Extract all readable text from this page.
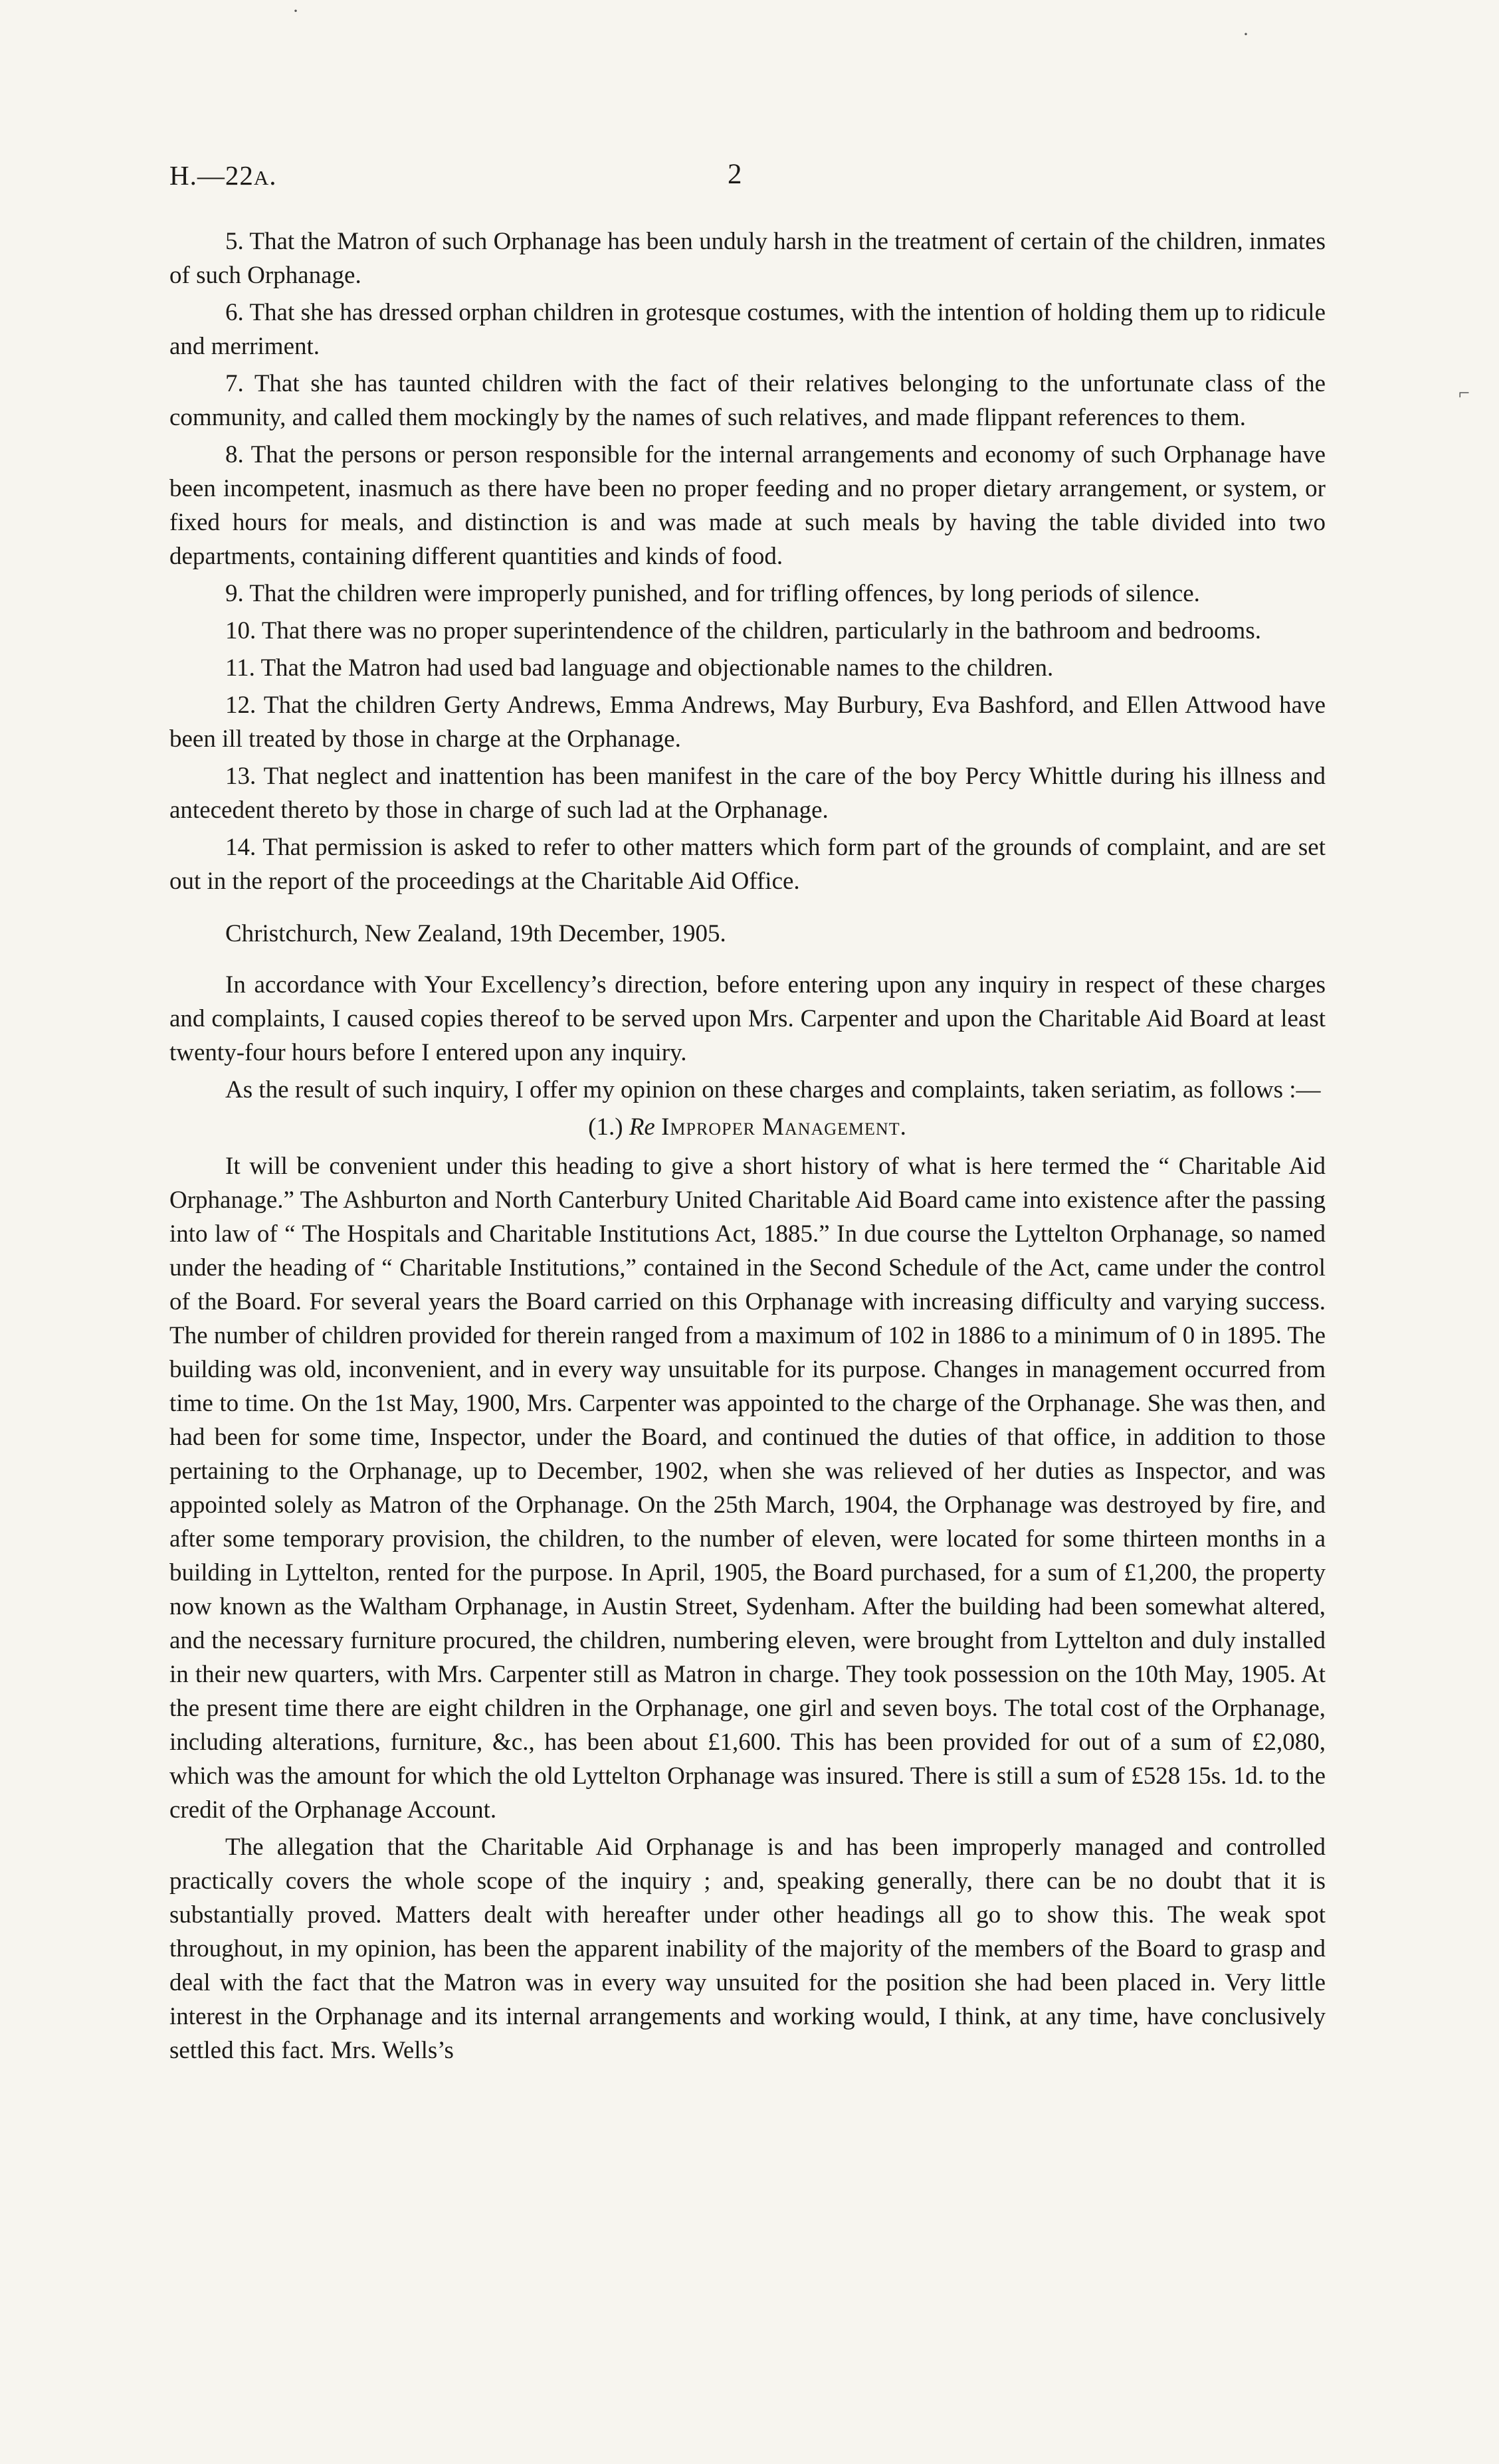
H.—22A.	2

5. That the Matron of such Orphanage has been unduly harsh in the treatment of certain of the children, inmates of such Orphanage.

6. That she has dressed orphan children in grotesque costumes, with the intention of holding them up to ridicule and merriment.

7. That she has taunted children with the fact of their relatives belonging to the unfortunate class of the community, and called them mockingly by the names of such relatives, and made flippant references to them.

8. That the persons or person responsible for the internal arrangements and economy of such Orphanage have been incompetent, inasmuch as there have been no proper feeding and no proper dietary arrangement, or system, or fixed hours for meals, and distinction is and was made at such meals by having the table divided into two departments, containing different quantities and kinds of food.

9. That the children were improperly punished, and for trifling offences, by long periods of silence.

10. That there was no proper superintendence of the children, particularly in the bathroom and bedrooms.

11. That the Matron had used bad language and objectionable names to the children.

12. That the children Gerty Andrews, Emma Andrews, May Burbury, Eva Bashford, and Ellen Attwood have been ill treated by those in charge at the Orphanage.

13. That neglect and inattention has been manifest in the care of the boy Percy Whittle during his illness and antecedent thereto by those in charge of such lad at the Orphanage.

14. That permission is asked to refer to other matters which form part of the grounds of complaint, and are set out in the report of the proceedings at the Charitable Aid Office.

Christchurch, New Zealand, 19th December, 1905.

In accordance with Your Excellency’s direction, before entering upon any inquiry in respect of these charges and complaints, I caused copies thereof to be served upon Mrs. Carpenter and upon the Charitable Aid Board at least twenty-four hours before I entered upon any inquiry.

As the result of such inquiry, I offer my opinion on these charges and complaints, taken seriatim, as follows :—

(1.) Re Improper Management.

It will be convenient under this heading to give a short history of what is here termed the “ Charitable Aid Orphanage.” The Ashburton and North Canterbury United Charitable Aid Board came into existence after the passing into law of “ The Hospitals and Charitable Institutions Act, 1885.” In due course the Lyttelton Orphanage, so named under the heading of “ Charitable Institutions,” contained in the Second Schedule of the Act, came under the control of the Board. For several years the Board carried on this Orphanage with increasing difficulty and varying success. The number of children provided for therein ranged from a maximum of 102 in 1886 to a minimum of 0 in 1895. The building was old, inconvenient, and in every way unsuitable for its purpose. Changes in management occurred from time to time. On the 1st May, 1900, Mrs. Carpenter was appointed to the charge of the Orphanage. She was then, and had been for some time, Inspector, under the Board, and continued the duties of that office, in addition to those pertaining to the Orphanage, up to December, 1902, when she was relieved of her duties as Inspector, and was appointed solely as Matron of the Orphanage. On the 25th March, 1904, the Orphanage was destroyed by fire, and after some temporary provision, the children, to the number of eleven, were located for some thirteen months in a building in Lyttelton, rented for the purpose. In April, 1905, the Board purchased, for a sum of £1,200, the property now known as the Waltham Orphanage, in Austin Street, Sydenham. After the building had been somewhat altered, and the necessary furniture procured, the children, numbering eleven, were brought from Lyttelton and duly installed in their new quarters, with Mrs. Carpenter still as Matron in charge. They took possession on the 10th May, 1905. At the present time there are eight children in the Orphanage, one girl and seven boys. The total cost of the Orphanage, including alterations, furniture, &c., has been about £1,600. This has been provided for out of a sum of £2,080, which was the amount for which the old Lyttelton Orphanage was insured. There is still a sum of £528 15s. 1d. to the credit of the Orphanage Account.

The allegation that the Charitable Aid Orphanage is and has been improperly managed and controlled practically covers the whole scope of the inquiry ; and, speaking generally, there can be no doubt that it is substantially proved. Matters dealt with hereafter under other headings all go to show this. The weak spot throughout, in my opinion, has been the apparent inability of the majority of the members of the Board to grasp and deal with the fact that the Matron was in every way unsuited for the position she had been placed in. Very little interest in the Orphanage and its internal arrangements and working would, I think, at any time, have conclusively settled this fact. Mrs. Wells’s

⌐
·
·
